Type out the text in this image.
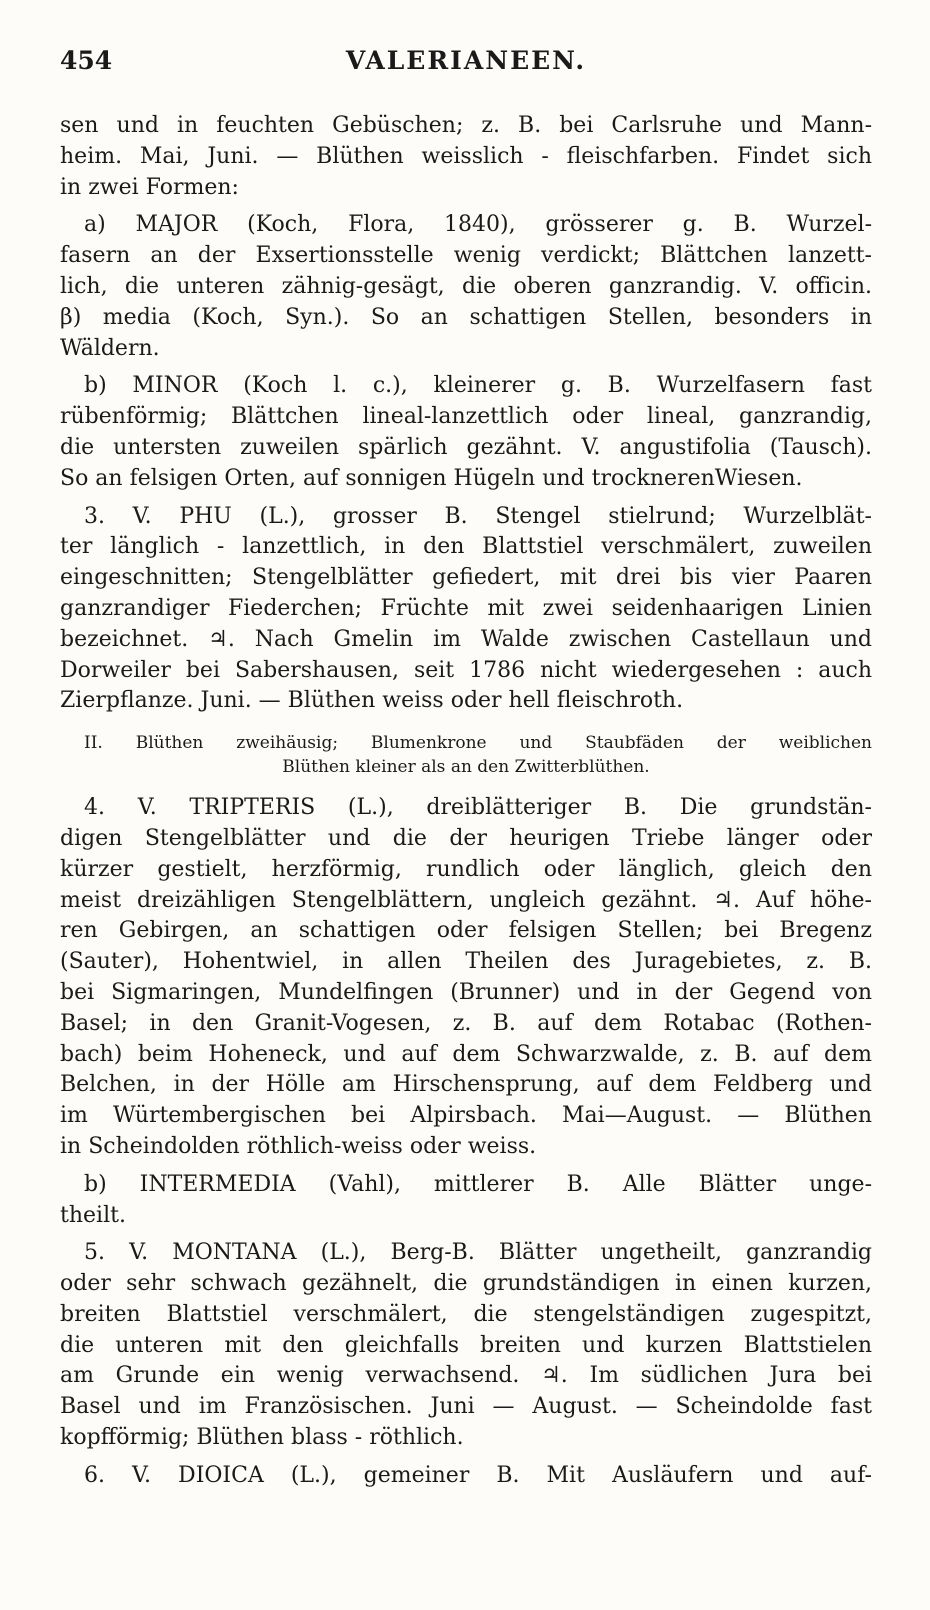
454	VALERIANEEN.
sen und in feuchten Gebüschen; z. B. bei Carlsruhe und Mann-
heim. Mai, Juni. — Blüthen weisslich - fleischfarben. Findet sich
in zwei Formen:
a) MAJOR (Koch, Flora, 1840), grösserer g. B. Wurzel-
fasern an der Exsertionsstelle wenig verdickt; Blättchen lanzett-
lich, die unteren zähnig-gesägt, die oberen ganzrandig. V. officin.
β) media (Koch, Syn.). So an schattigen Stellen, besonders in
Wäldern.
b) MINOR (Koch l. c.), kleinerer g. B. Wurzelfasern fast
rübenförmig; Blättchen lineal-lanzettlich oder lineal, ganzrandig,
die untersten zuweilen spärlich gezähnt. V. angustifolia (Tausch).
So an felsigen Orten, auf sonnigen Hügeln und trocknerenWiesen.
3. V. PHU (L.), grosser B. Stengel stielrund; Wurzelblät-
ter länglich - lanzettlich, in den Blattstiel verschmälert, zuweilen
eingeschnitten; Stengelblätter gefiedert, mit drei bis vier Paaren
ganzrandiger Fiederchen; Früchte mit zwei seidenhaarigen Linien
bezeichnet. ♃. Nach Gmelin im Walde zwischen Castellaun und
Dorweiler bei Sabershausen, seit 1786 nicht wiedergesehen : auch
Zierpflanze. Juni. — Blüthen weiss oder hell fleischroth.
II. Blüthen zweihäusig; Blumenkrone und Staubfäden der weiblichen
Blüthen kleiner als an den Zwitterblüthen.
4. V. TRIPTERIS (L.), dreiblätteriger B. Die grundstän-
digen Stengelblätter und die der heurigen Triebe länger oder
kürzer gestielt, herzförmig, rundlich oder länglich, gleich den
meist dreizähligen Stengelblättern, ungleich gezähnt. ♃. Auf höhe-
ren Gebirgen, an schattigen oder felsigen Stellen; bei Bregenz
(Sauter), Hohentwiel, in allen Theilen des Juragebietes, z. B.
bei Sigmaringen, Mundelfingen (Brunner) und in der Gegend von
Basel; in den Granit-Vogesen, z. B. auf dem Rotabac (Rothen-
bach) beim Hoheneck, und auf dem Schwarzwalde, z. B. auf dem
Belchen, in der Hölle am Hirschensprung, auf dem Feldberg und
im Würtembergischen bei Alpirsbach. Mai—August. — Blüthen
in Scheindolden röthlich-weiss oder weiss.
b) INTERMEDIA (Vahl), mittlerer B. Alle Blätter unge-
theilt.
5. V. MONTANA (L.), Berg-B. Blätter ungetheilt, ganzrandig
oder sehr schwach gezähnelt, die grundständigen in einen kurzen,
breiten Blattstiel verschmälert, die stengelständigen zugespitzt,
die unteren mit den gleichfalls breiten und kurzen Blattstielen
am Grunde ein wenig verwachsend. ♃. Im südlichen Jura bei
Basel und im Französischen. Juni — August. — Scheindolde fast
kopfförmig; Blüthen blass - röthlich.
6. V. DIOICA (L.), gemeiner B. Mit Ausläufern und auf-
